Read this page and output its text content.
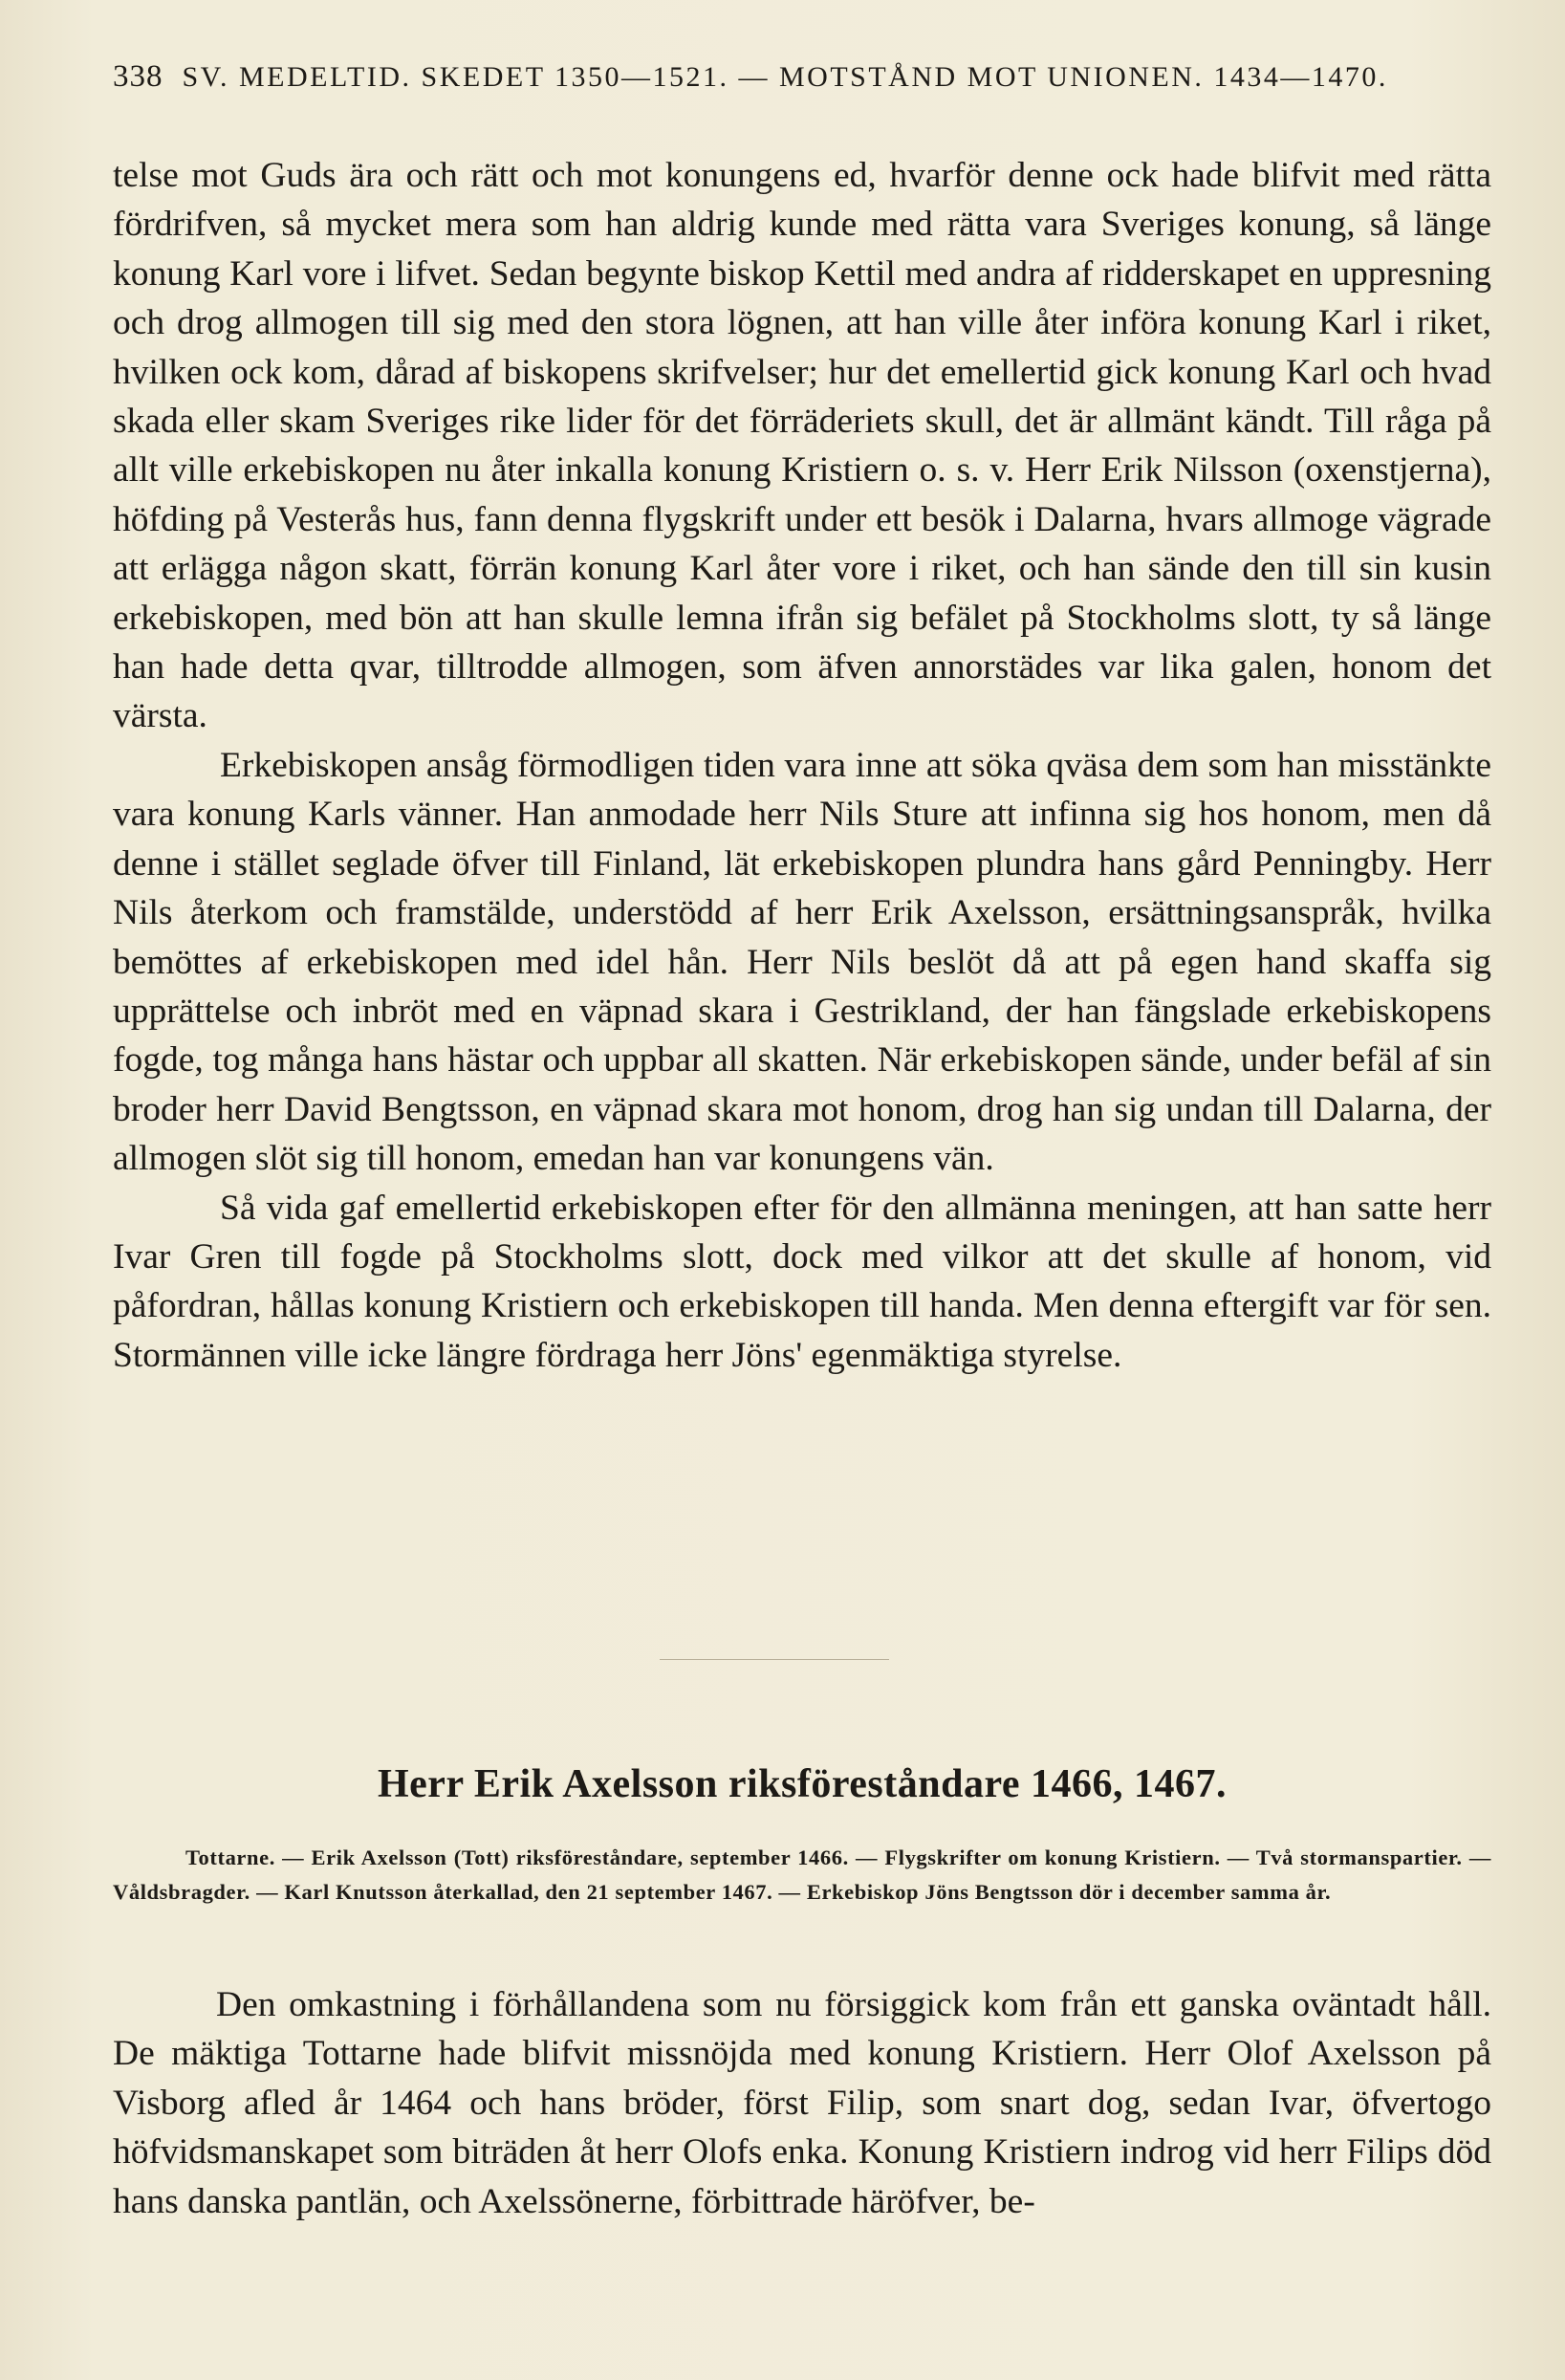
338 SV. MEDELTID. SKEDET 1350—1521. — MOTSTÅND MOT UNIONEN. 1434—1470.

telse mot Guds ära och rätt och mot konungens ed, hvarför denne ock hade blifvit med rätta fördrifven, så mycket mera som han aldrig kunde med rätta vara Sveriges konung, så länge konung Karl vore i lifvet. Sedan begynte biskop Kettil med andra af ridderskapet en uppresning och drog allmogen till sig med den stora lögnen, att han ville åter införa konung Karl i riket, hvilken ock kom, dårad af biskopens skrifvelser; hur det emellertid gick konung Karl och hvad skada eller skam Sveriges rike lider för det förräderiets skull, det är allmänt kändt. Till råga på allt ville erkebiskopen nu åter inkalla konung Kristiern o. s. v. Herr Erik Nilsson (oxenstjerna), höfding på Vesterås hus, fann denna flygskrift under ett besök i Dalarna, hvars allmoge vägrade att erlägga någon skatt, förrän konung Karl åter vore i riket, och han sände den till sin kusin erkebiskopen, med bön att han skulle lemna ifrån sig befälet på Stockholms slott, ty så länge han hade detta qvar, tilltrodde allmogen, som äfven annorstädes var lika galen, honom det värsta.

Erkebiskopen ansåg förmodligen tiden vara inne att söka qväsa dem som han misstänkte vara konung Karls vänner. Han anmodade herr Nils Sture att infinna sig hos honom, men då denne i stället seglade öfver till Finland, lät erkebiskopen plundra hans gård Penningby. Herr Nils återkom och framstälde, understödd af herr Erik Axelsson, ersättningsanspråk, hvilka bemöttes af erkebiskopen med idel hån. Herr Nils beslöt då att på egen hand skaffa sig upprättelse och inbröt med en väpnad skara i Gestrikland, der han fängslade erkebiskopens fogde, tog många hans hästar och uppbar all skatten. När erkebiskopen sände, under befäl af sin broder herr David Bengtsson, en väpnad skara mot honom, drog han sig undan till Dalarna, der allmogen slöt sig till honom, emedan han var konungens vän.

Så vida gaf emellertid erkebiskopen efter för den allmänna meningen, att han satte herr Ivar Gren till fogde på Stockholms slott, dock med vilkor att det skulle af honom, vid påfordran, hållas konung Kristiern och erkebiskopen till handa. Men denna eftergift var för sen. Stormännen ville icke längre fördraga herr Jöns' egenmäktiga styrelse.

Herr Erik Axelsson riksföreståndare 1466, 1467.
Tottarne. — Erik Axelsson (Tott) riksföreståndare, september 1466. — Flygskrifter om konung Kristiern. — Två stormanspartier. — Våldsbragder. — Karl Knutsson återkallad, den 21 september 1467. — Erkebiskop Jöns Bengtsson dör i december samma år.

Den omkastning i förhållandena som nu försiggick kom från ett ganska oväntadt håll. De mäktiga Tottarne hade blifvit missnöjda med konung Kristiern. Herr Olof Axelsson på Visborg afled år 1464 och hans bröder, först Filip, som snart dog, sedan Ivar, öfvertogo höfvidsmanskapet som biträden åt herr Olofs enka. Konung Kristiern indrog vid herr Filips död hans danska pantlän, och Axelssönerne, förbittrade häröfver, be-
